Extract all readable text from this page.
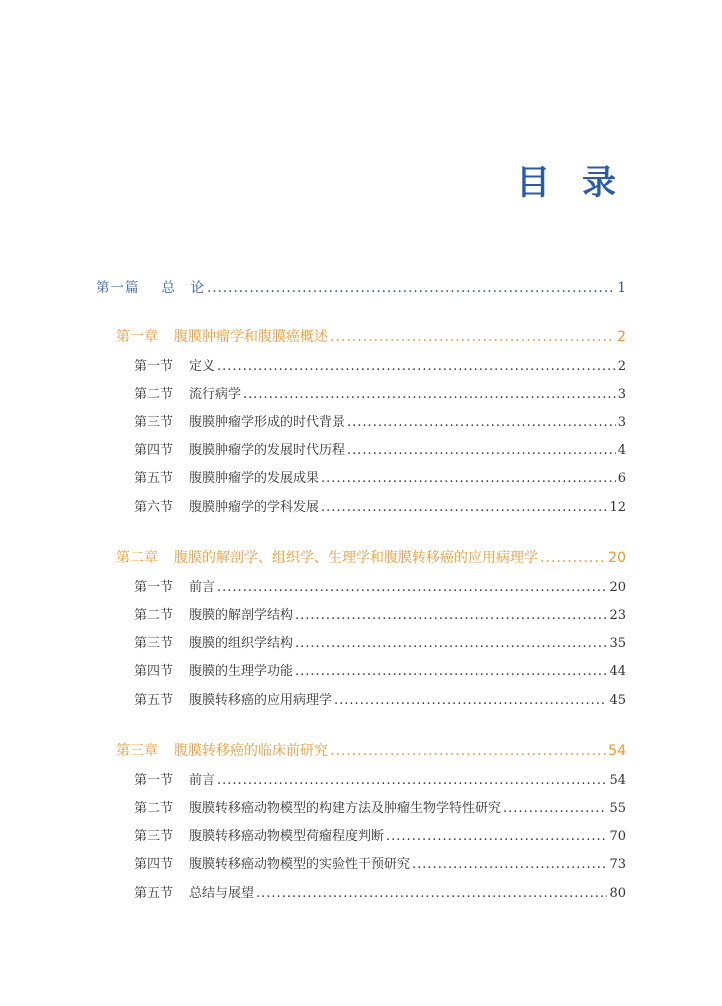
目 录
第一篇 总　论 .....	1
第一章 腹膜肿瘤学和腹膜癌概述 .....	2
第一节 定义 .....	2
第二节 流行病学 .....	3
第三节 腹膜肿瘤学形成的时代背景 .....	3
第四节 腹膜肿瘤学的发展时代历程 .....	4
第五节 腹膜肿瘤学的发展成果 .....	6
第六节 腹膜肿瘤学的学科发展 .....	12
第二章 腹膜的解剖学、组织学、生理学和腹膜转移癌的应用病理学 .....	20
第一节 前言 .....	20
第二节 腹膜的解剖学结构 .....	23
第三节 腹膜的组织学结构 .....	35
第四节 腹膜的生理学功能 .....	44
第五节 腹膜转移癌的应用病理学 .....	45
第三章 腹膜转移癌的临床前研究 .....	54
第一节 前言 .....	54
第二节 腹膜转移癌动物模型的构建方法及肿瘤生物学特性研究 .....	55
第三节 腹膜转移癌动物模型荷瘤程度判断 .....	70
第四节 腹膜转移癌动物模型的实验性干预研究 .....	73
第五节 总结与展望 .....	80
